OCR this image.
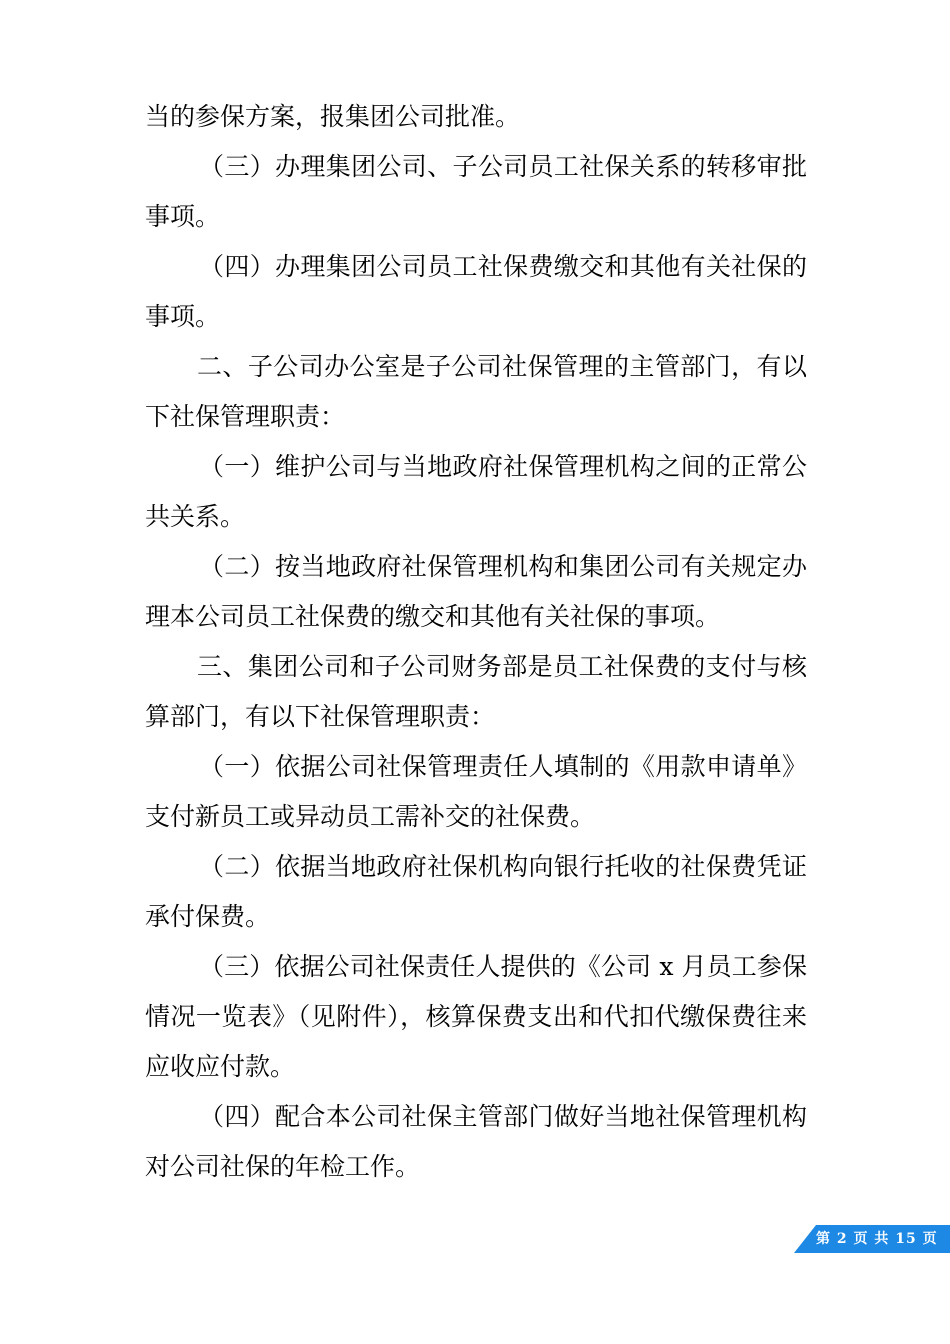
当的参保方案，报集团公司批准。

（三）办理集团公司、子公司员工社保关系的转移审批事项。

（四）办理集团公司员工社保费缴交和其他有关社保的事项。

二、子公司办公室是子公司社保管理的主管部门，有以下社保管理职责：

（一）维护公司与当地政府社保管理机构之间的正常公共关系。

（二）按当地政府社保管理机构和集团公司有关规定办理本公司员工社保费的缴交和其他有关社保的事项。

三、集团公司和子公司财务部是员工社保费的支付与核算部门，有以下社保管理职责：

（一）依据公司社保管理责任人填制的《用款申请单》支付新员工或异动员工需补交的社保费。

（二）依据当地政府社保机构向银行托收的社保费凭证承付保费。

（三）依据公司社保责任人提供的《公司 x 月员工参保情况一览表》（见附件），核算保费支出和代扣代缴保费往来应收应付款。

（四）配合本公司社保主管部门做好当地社保管理机构对公司社保的年检工作。

第 2 页 共 15 页
